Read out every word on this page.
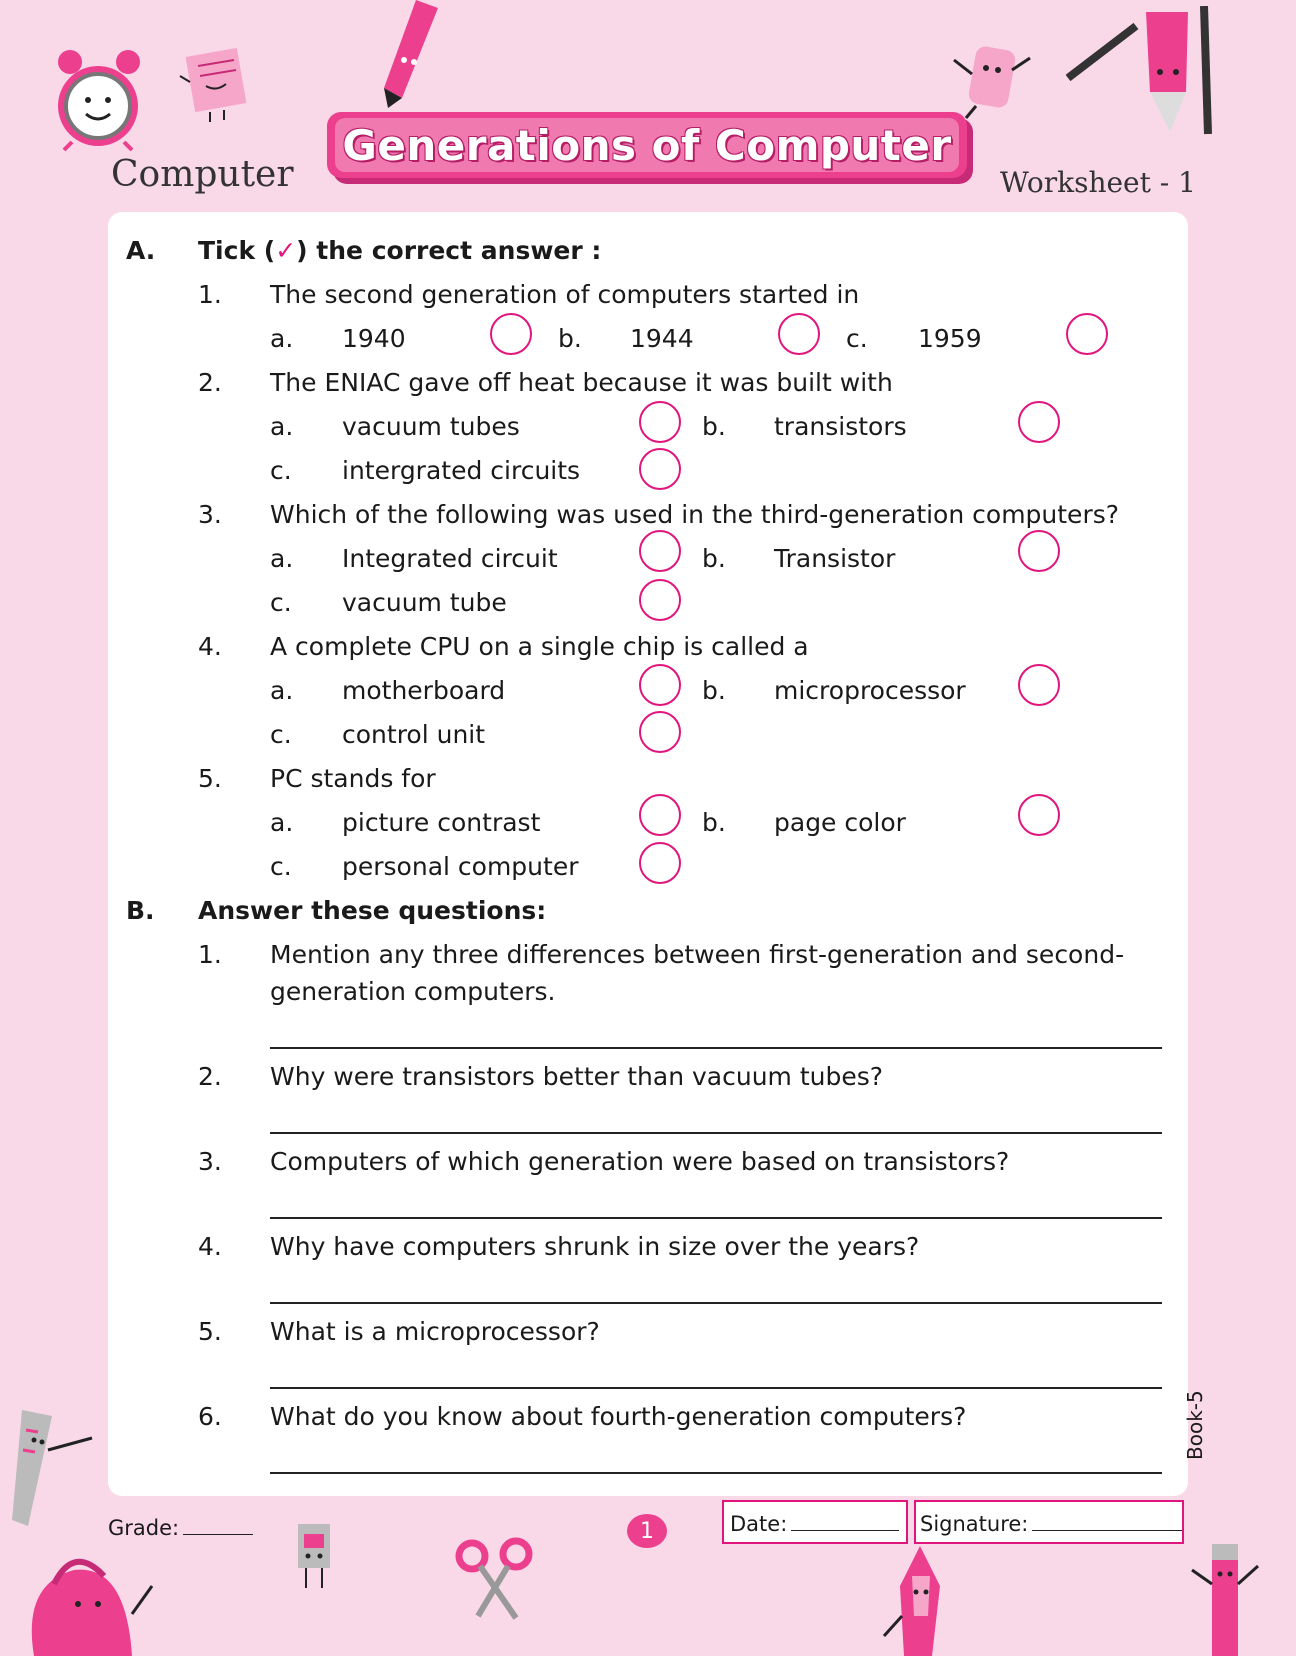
Computer
Generations of Computer
Worksheet - 1
A. Tick (✓) the correct answer :
1. The second generation of computers started in
a. 1940	b. 1944	c. 1959
2. The ENIAC gave off heat because it was built with
a. vacuum tubes	b. transistors
c. intergrated circuits
3. Which of the following was used in the third-generation computers?
a. Integrated circuit	b. Transistor
c. vacuum tube
4. A complete CPU on a single chip is called a
a. motherboard	b. microprocessor
c. control unit
5. PC stands for
a. picture contrast	b. page color
c. personal computer
B. Answer these questions:
1. Mention any three differences between first-generation and second-
generation computers.
2. Why were transistors better than vacuum tubes?
3. Computers of which generation were based on transistors?
4. Why have computers shrunk in size over the years?
5. What is a microprocessor?
6. What do you know about fourth-generation computers?	Book-5
Grade:	1	Date:	Signature:
